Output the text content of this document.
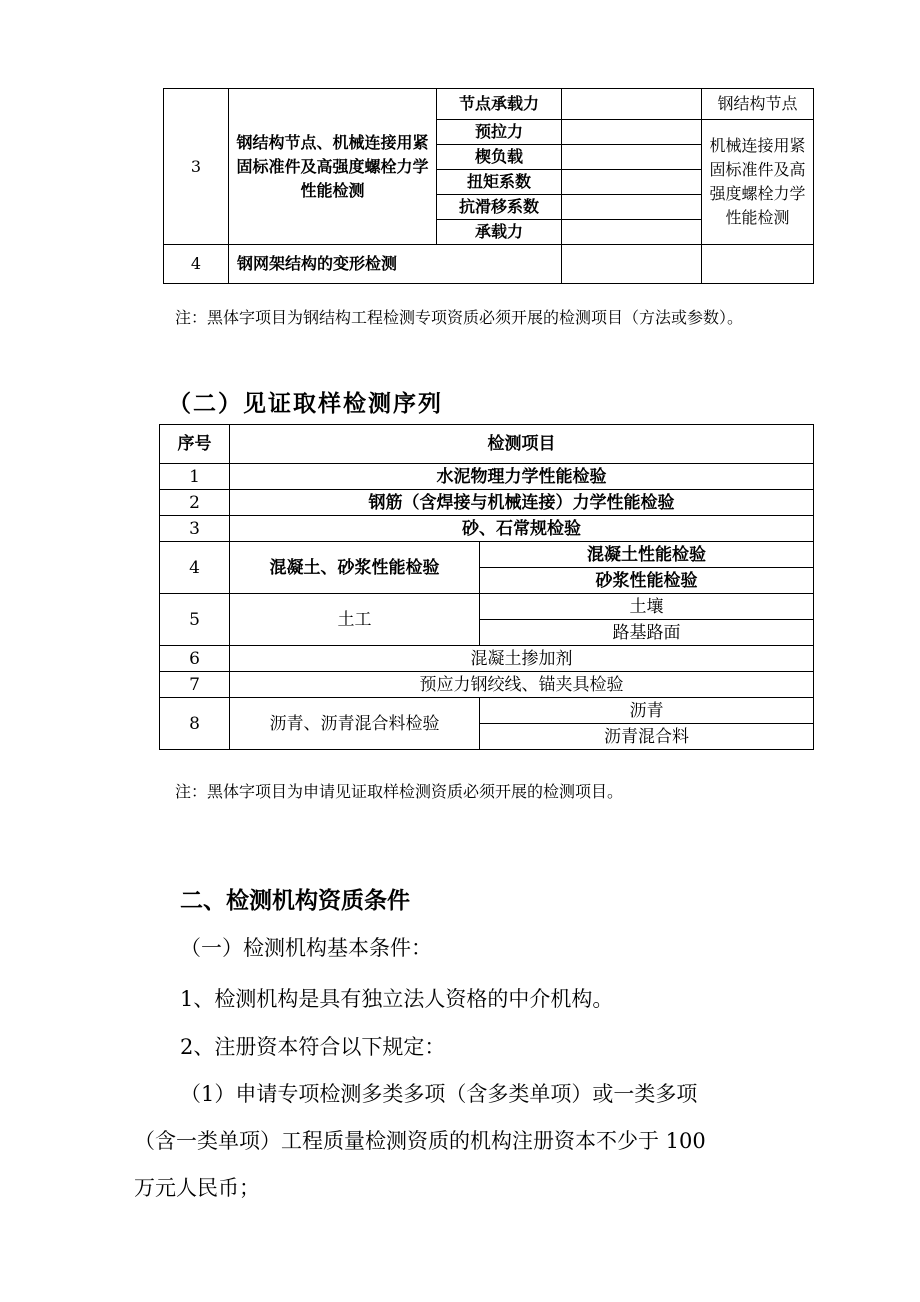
3	钢结构节点、机械连接用紧固标准件及高强度螺栓力学性能检测	节点承载力		钢结构节点
		预拉力		机械连接用紧固标准件及高强度螺栓力学性能检测
		楔负载		
		扭矩系数		
		抗滑移系数		
		承载力		
4	钢网架结构的变形检测			
注：黑体字项目为钢结构工程检测专项资质必须开展的检测项目（方法或参数）。
（二）见证取样检测序列
序号	检测项目	
1	水泥物理力学性能检验	
2	钢筋（含焊接与机械连接）力学性能检验	
3	砂、石常规检验	
4	混凝土、砂浆性能检验	混凝土性能检验
		砂浆性能检验
5	土工	土壤
		路基路面
6	混凝土掺加剂	
7	预应力钢绞线、锚夹具检验	
8	沥青、沥青混合料检验	沥青
		沥青混合料
注：黑体字项目为申请见证取样检测资质必须开展的检测项目。
二、检测机构资质条件
（一）检测机构基本条件：
1、检测机构是具有独立法人资格的中介机构。
2、注册资本符合以下规定：
（1）申请专项检测多类多项（含多类单项）或一类多项
（含一类单项）工程质量检测资质的机构注册资本不少于 100
万元人民币；
